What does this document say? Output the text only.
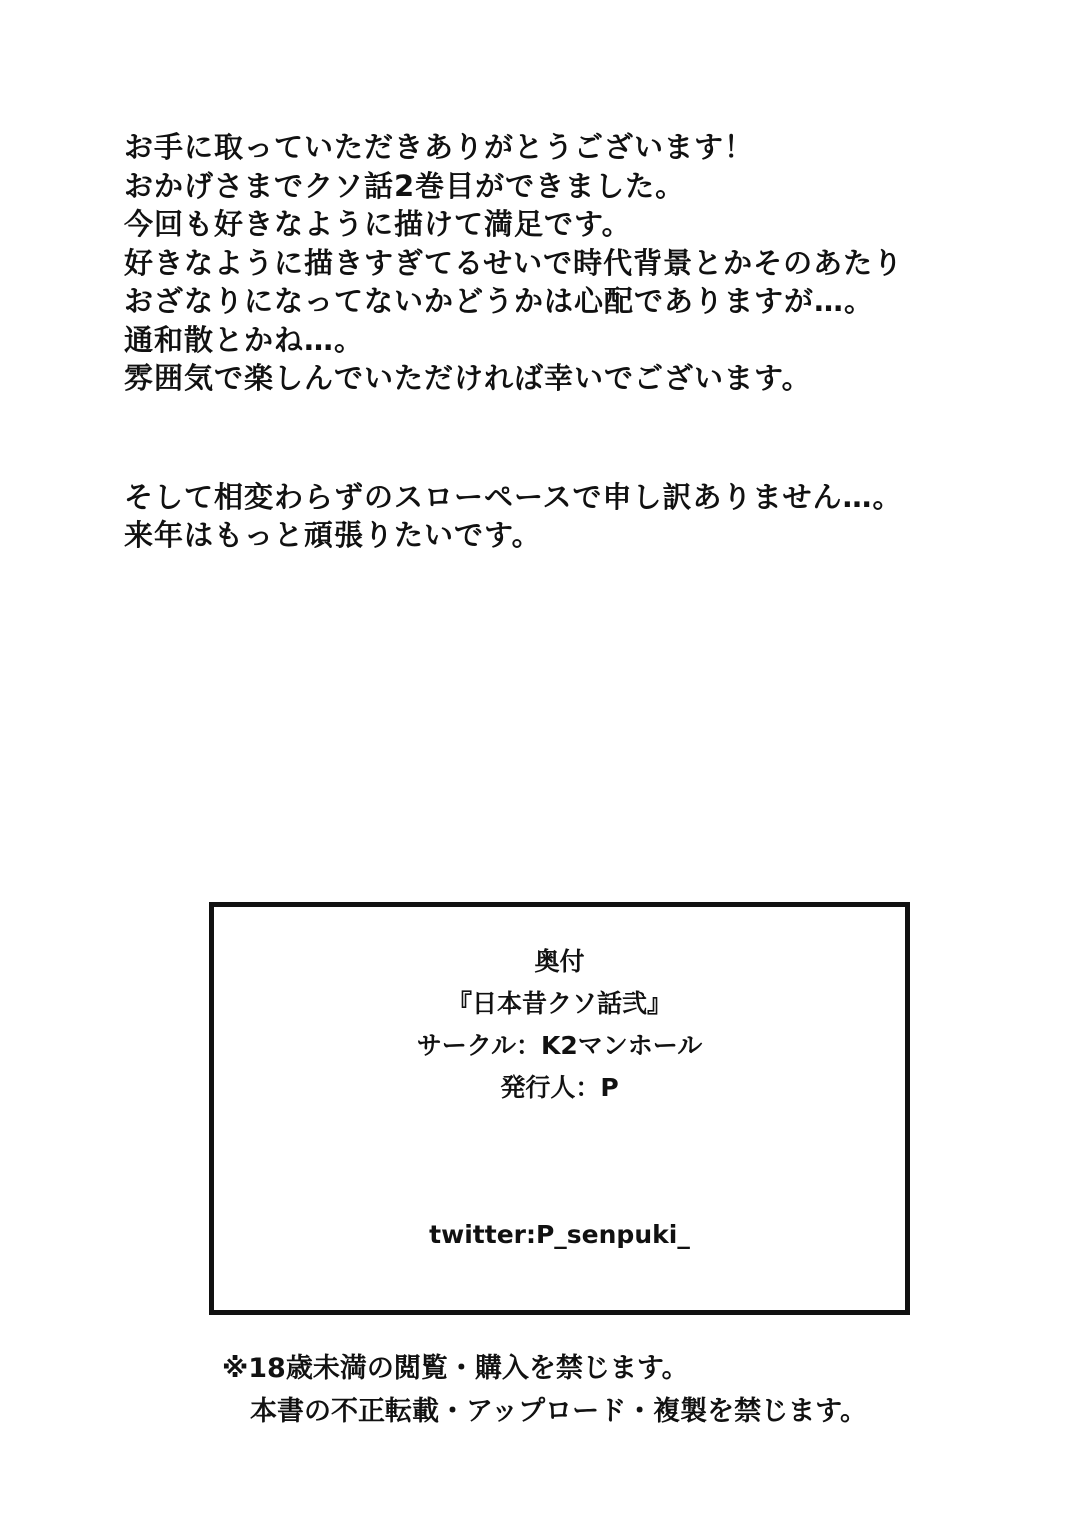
お手に取っていただきありがとうございます！
おかげさまでクソ話2巻目ができました。
今回も好きなように描けて満足です。
好きなように描きすぎてるせいで時代背景とかそのあたり
おざなりになってないかどうかは心配でありますが…。
通和散とかね…。
雰囲気で楽しんでいただければ幸いでございます。

そして相変わらずのスローペースで申し訳ありません…。
来年はもっと頑張りたいです。

奥付
『日本昔クソ話弐』
サークル：K2マンホール
発行人：P
twitter:P_senpuki_
※18歳未満の閲覧・購入を禁じます。
本書の不正転載・アップロード・複製を禁じます。
